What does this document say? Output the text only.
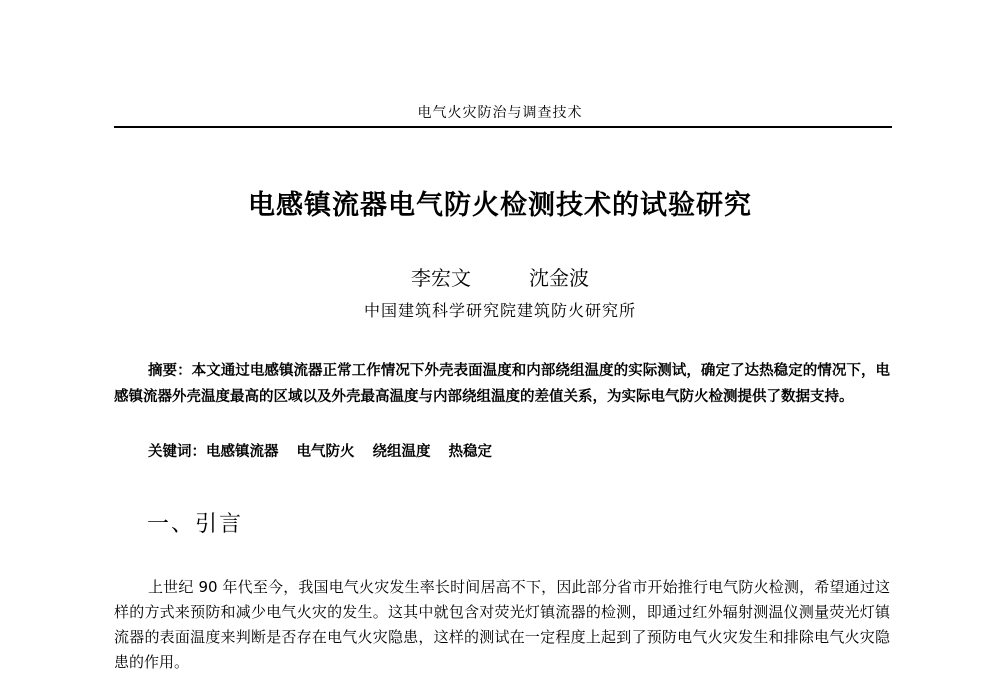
电气火灾防治与调查技术
电感镇流器电气防火检测技术的试验研究
李宏文	沈金波
中国建筑科学研究院建筑防火研究所
摘要：本文通过电感镇流器正常工作情况下外壳表面温度和内部绕组温度的实际测试，确定了达热稳定的情况下，电感镇流器外壳温度最高的区域以及外壳最高温度与内部绕组温度的差值关系，为实际电气防火检测提供了数据支持。
关键词：电感镇流器 电气防火 绕组温度 热稳定
一、引言
上世纪 90 年代至今，我国电气火灾发生率长时间居高不下，因此部分省市开始推行电气防火检测，希望通过这样的方式来预防和减少电气火灾的发生。这其中就包含对荧光灯镇流器的检测，即通过红外辐射测温仪测量荧光灯镇流器的表面温度来判断是否存在电气火灾隐患，这样的测试在一定程度上起到了预防电气火灾发生和排除电气火灾隐患的作用。
